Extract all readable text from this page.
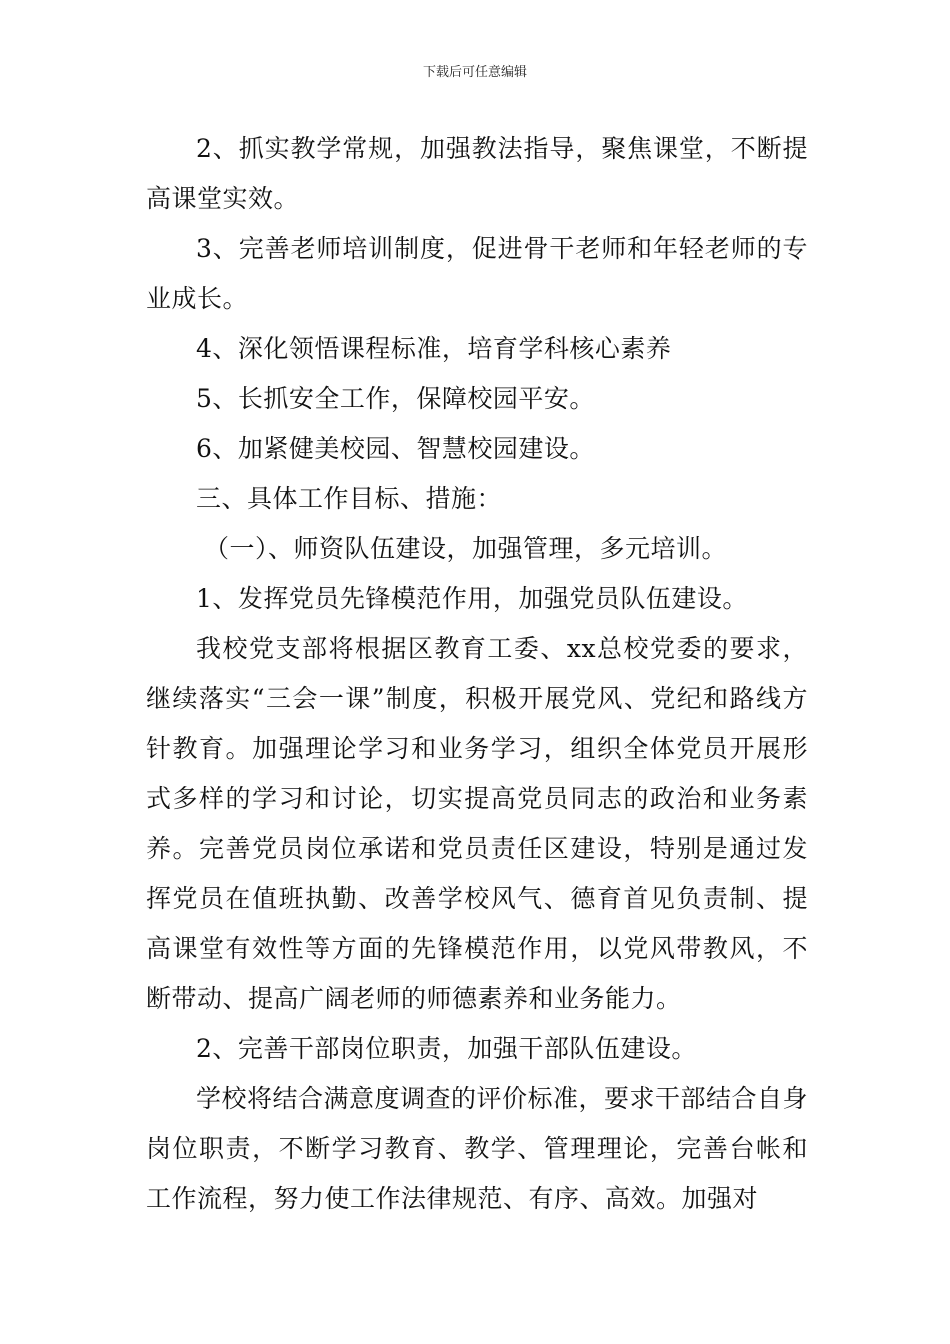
下载后可任意编辑

2、抓实教学常规，加强教法指导，聚焦课堂，不断提高课堂实效。

3、完善老师培训制度，促进骨干老师和年轻老师的专业成长。

4、深化领悟课程标准，培育学科核心素养

5、长抓安全工作，保障校园平安。

6、加紧健美校园、智慧校园建设。

三、具体工作目标、措施：

（一）、师资队伍建设，加强管理，多元培训。

1、发挥党员先锋模范作用，加强党员队伍建设。

我校党支部将根据区教育工委、xx总校党委的要求，继续落实“三会一课”制度，积极开展党风、党纪和路线方针教育。加强理论学习和业务学习，组织全体党员开展形式多样的学习和讨论，切实提高党员同志的政治和业务素养。完善党员岗位承诺和党员责任区建设，特别是通过发挥党员在值班执勤、改善学校风气、德育首见负责制、提高课堂有效性等方面的先锋模范作用，以党风带教风，不断带动、提高广阔老师的师德素养和业务能力。

2、完善干部岗位职责，加强干部队伍建设。

学校将结合满意度调查的评价标准，要求干部结合自身岗位职责，不断学习教育、教学、管理理论，完善台帐和工作流程，努力使工作法律规范、有序、高效。加强对
